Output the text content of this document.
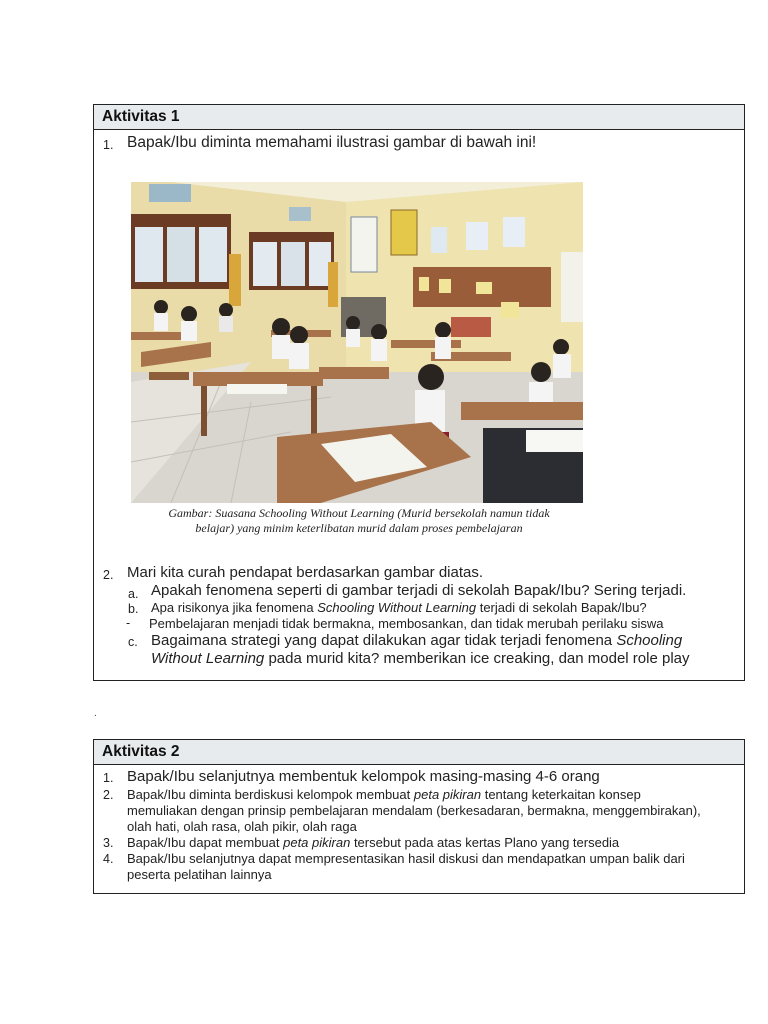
Aktivitas 1
1. Bapak/Ibu diminta memahami ilustrasi gambar di bawah ini!
Gambar: Suasana Schooling Without Learning (Murid bersekolah namun tidak
belajar) yang minim keterlibatan murid dalam proses pembelajaran
2. Mari kita curah pendapat berdasarkan gambar diatas.
a. Apakah fenomena seperti di gambar terjadi di sekolah Bapak/Ibu? Sering terjadi.
b. Apa risikonya jika fenomena Schooling Without Learning terjadi di sekolah Bapak/Ibu?
- Pembelajaran menjadi tidak bermakna, membosankan, dan tidak merubah perilaku siswa
c. Bagaimana strategi yang dapat dilakukan agar tidak terjadi fenomena Schooling
Without Learning pada murid kita? memberikan ice creaking, dan model role play
.
Aktivitas 2
1. Bapak/Ibu selanjutnya membentuk kelompok masing-masing 4-6 orang
2. Bapak/Ibu diminta berdiskusi kelompok membuat peta pikiran tentang keterkaitan konsep
memuliakan dengan prinsip pembelajaran mendalam (berkesadaran, bermakna, menggembirakan),
olah hati, olah rasa, olah pikir, olah raga
3. Bapak/Ibu dapat membuat peta pikiran tersebut pada atas kertas Plano yang tersedia
4. Bapak/Ibu selanjutnya dapat mempresentasikan hasil diskusi dan mendapatkan umpan balik dari
peserta pelatihan lainnya
